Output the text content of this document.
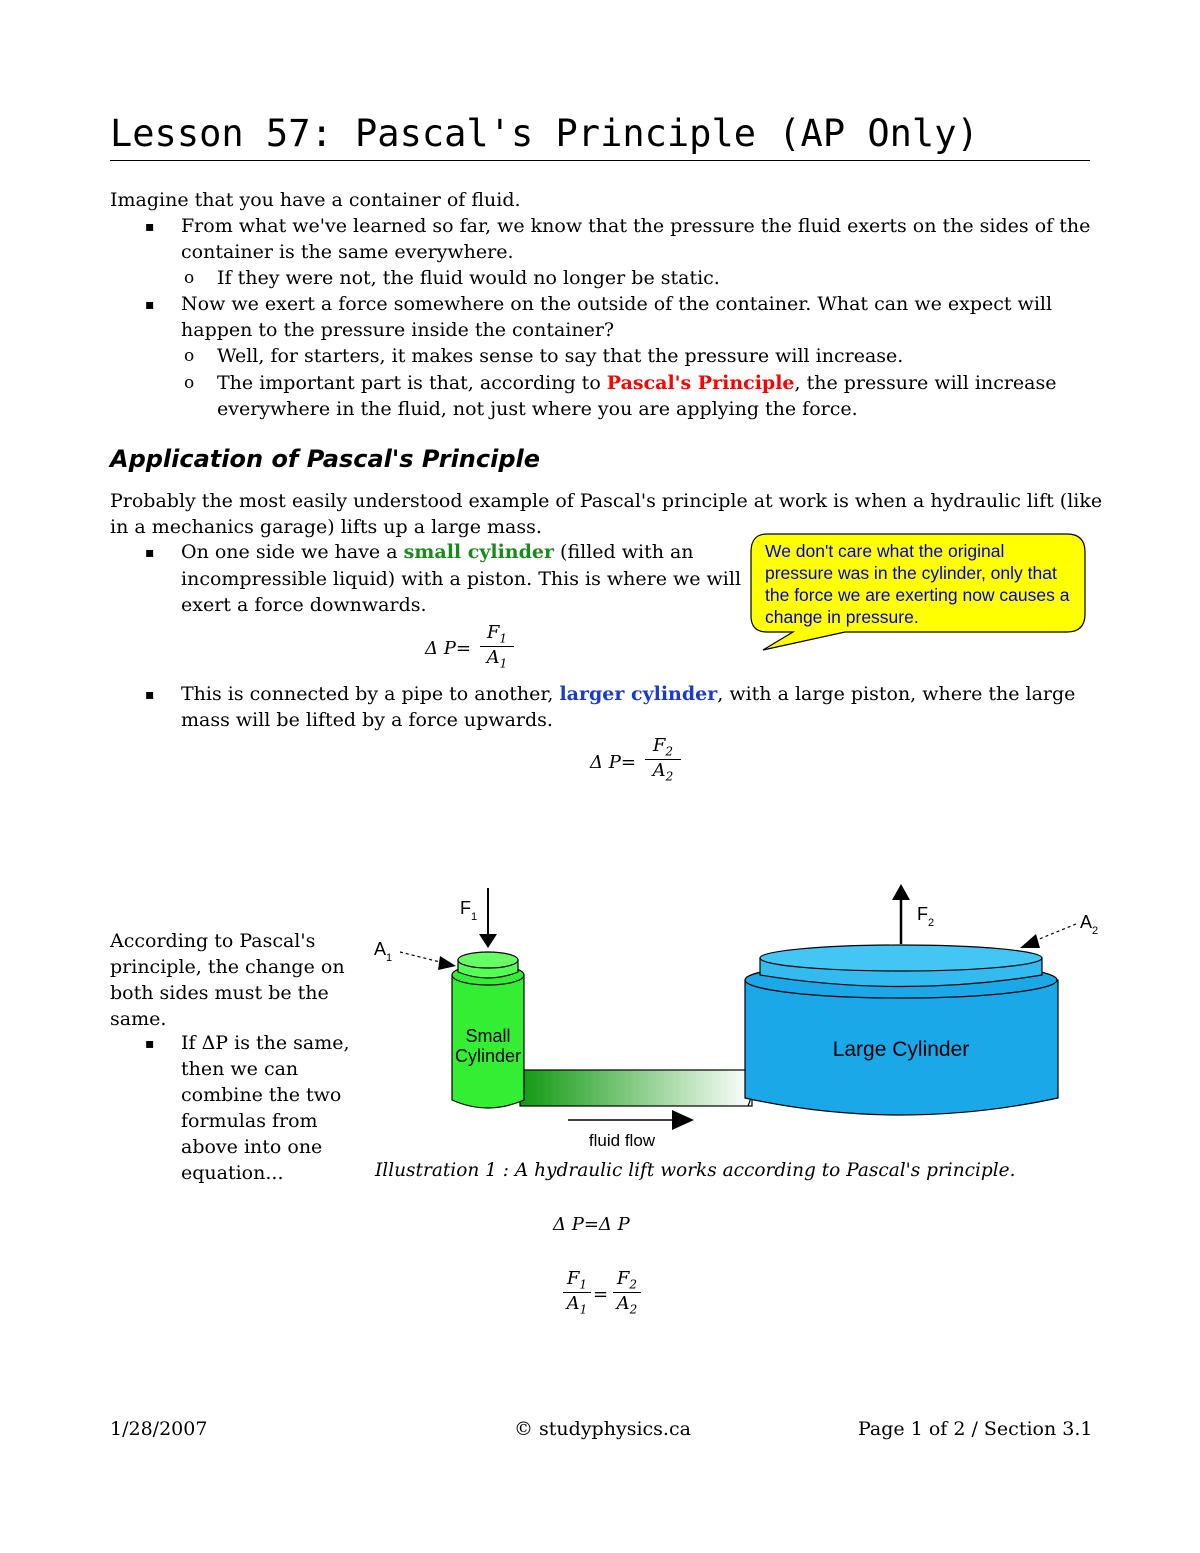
Lesson 57: Pascal's Principle (AP Only)
Imagine that you have a container of fluid.
▪ From what we've learned so far, we know that the pressure the fluid exerts on the sides of the
container is the same everywhere.
o If they were not, the fluid would no longer be static.
▪ Now we exert a force somewhere on the outside of the container. What can we expect will
happen to the pressure inside the container?
o Well, for starters, it makes sense to say that the pressure will increase.
o The important part is that, according to Pascal's Principle, the pressure will increase
everywhere in the fluid, not just where you are applying the force.
Application of Pascal's Principle
Probably the most easily understood example of Pascal's principle at work is when a hydraulic lift (like
in a mechanics garage) lifts up a large mass.
▪ On one side we have a small cylinder (filled with an
incompressible liquid) with a piston. This is where we will
exert a force downwards.
Δ $P= \frac{F_1}{A_1}$
We don't care what the original pressure was in the cylinder, only that the force we are exerting now causes a change in pressure.
▪ This is connected by a pipe to another, larger cylinder, with a large piston, where the large
mass will be lifted by a force upwards.
Δ $P= \frac{F_2}{A_2}$
According to Pascal's
principle, the change on
both sides must be the
same.
▪ If ΔP is the same,
then we can
combine the two
formulas from
above into one
equation...
Small
Cylinder	Large Cylinder
$F_1$	$F_2$
$A_1$
$A_2$
fluid flow
Illustration 1 : A hydraulic lift works according to Pascal's principle.
Δ P=Δ P
$\frac{F_1}{A_1} = \frac{F_2}{A_2}$
1/28/2007	© studyphysics.ca	Page 1 of 2 / Section 3.1
